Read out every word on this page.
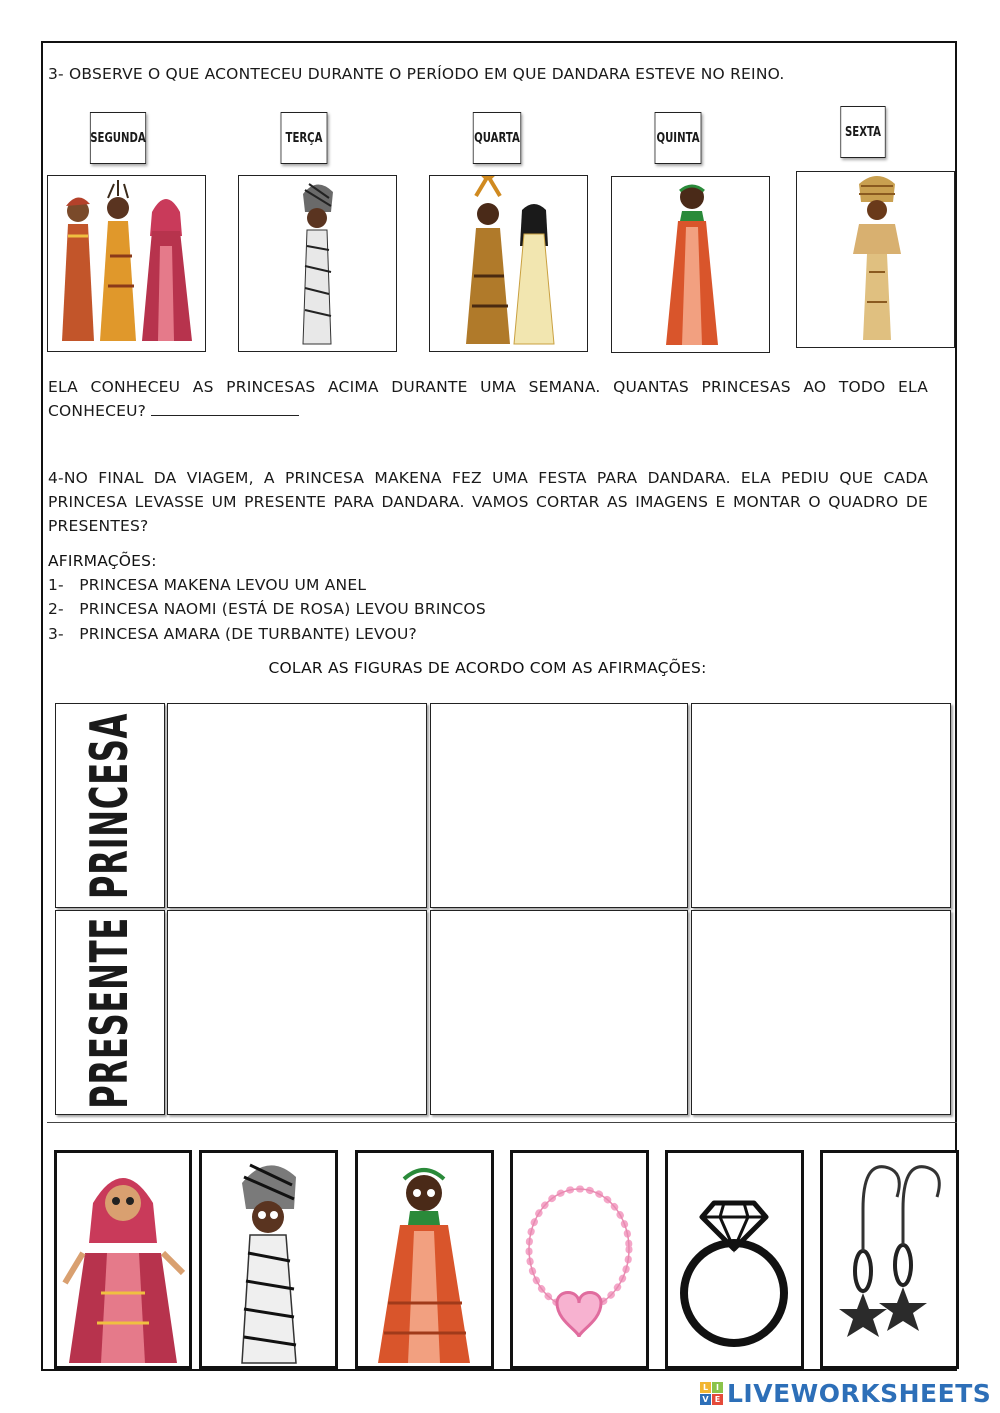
3- OBSERVE O QUE ACONTECEU DURANTE O PERÍODO EM QUE DANDARA ESTEVE NO REINO.
SEGUNDA	TERÇA	QUARTA	QUINTA	SEXTA
ELA CONHECEU AS PRINCESAS ACIMA DURANTE UMA SEMANA. QUANTAS PRINCESAS AO TODO ELA CONHECEU?
4-NO FINAL DA VIAGEM, A PRINCESA MAKENA FEZ UMA FESTA PARA DANDARA. ELA PEDIU QUE CADA PRINCESA LEVASSE UM PRESENTE PARA DANDARA. VAMOS CORTAR AS IMAGENS E MONTAR O QUADRO DE PRESENTES?
AFIRMAÇÕES:
1-   PRINCESA MAKENA LEVOU UM ANEL
2-   PRINCESA NAOMI (ESTÁ DE ROSA) LEVOU BRINCOS
3-   PRINCESA AMARA (DE TURBANTE) LEVOU?
COLAR AS FIGURAS DE ACORDO COM AS AFIRMAÇÕES:
PRINCESA
PRESENTE
L I
V E LIVEWORKSHEETS
